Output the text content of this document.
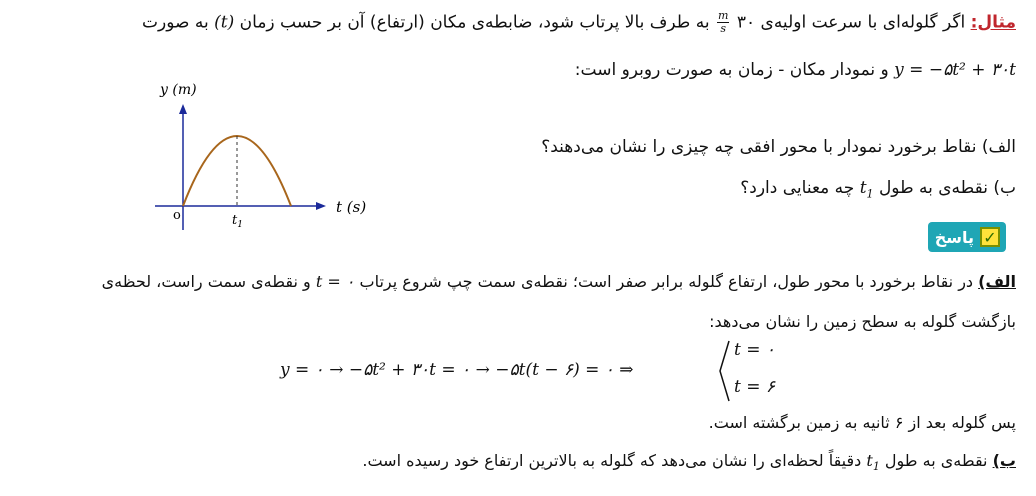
مثال: اگر گلوله‌ای با سرعت اولیه‌ی ۳۰
$\frac{m}{s}$
به طرف بالا پرتاب شود، ضابطه‌ی مکان (ارتفاع) آن بر حسب زمان (t) به صورت
y = −۵t² + ۳۰t و نمودار مکان - زمان به صورت روبرو است:
الف) نقاط برخورد نمودار با محور افقی چه چیزی را نشان می‌دهند؟
ب) نقطه‌ی به طول $t_1$ چه معنایی دارد؟
y (m)
o	$t_1$
t (s)
✓
پاسخ
الف) در نقاط برخورد با محور طول، ارتفاع گلوله برابر صفر است؛ نقطه‌ی سمت چپ شروع پرتاب t = ۰ و نقطه‌ی سمت راست، لحظه‌ی
بازگشت گلوله به سطح زمین را نشان می‌دهد:
y = ۰ → −۵t² + ۳۰t = ۰ → −۵t(t − ۶) = ۰ ⇒
t = ۰
t = ۶
پس گلوله بعد از ۶ ثانیه به زمین برگشته است.
ب) نقطه‌ی به طول $t_1$ دقیقاً لحظه‌ای را نشان می‌دهد که گلوله به بالاترین ارتفاع خود رسیده است.
